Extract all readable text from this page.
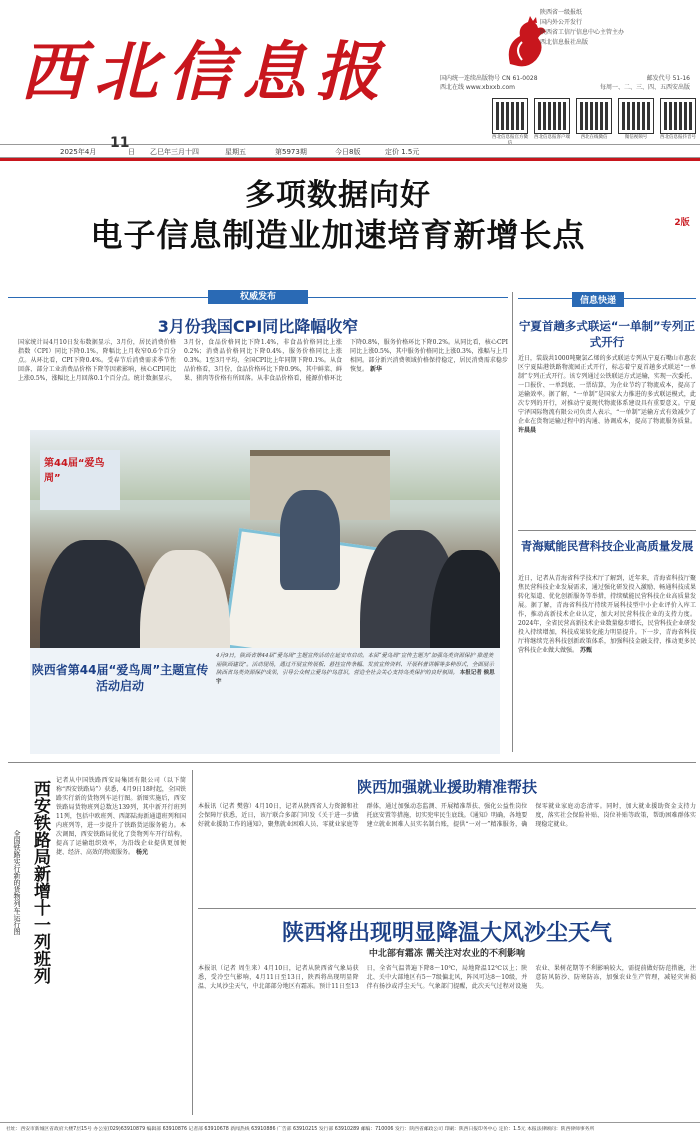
西北信息报
陕西省一级报纸
国内外公开发行
陕西省工信厅信息中心主管主办
西北信息报社出版
国内统一连续出版物号 CN 61-0028	邮发代号 51-16
西北在线 www.xbxxb.com	每周一、二、三、四、五西安出版
西北信息报官方微信
西北信息报客户端	西北在线微信	微信视频号	西北信息报抖音号
2025年4月
11
日 乙巳年三月十四	星期五	第5973期	今日8版	定价 1.5元
多项数据向好
电子信息制造业加速培育新增长点	2版
权威发布
3月份我国CPI同比降幅收窄
国家统计局4月10日发布数据显示，3月份，居民消费价格指数（CPI）同比下降0.1%，降幅比上月收窄0.6个百分点。从环比看，CPI下降0.4%。受春节后消费需求季节性回落、部分工业消费品价格下降等因素影响，核心CPI同比上涨0.5%，涨幅比上月回落0.1个百分点。统计数据显示，3月份，食品价格同比下降1.4%，非食品价格同比上涨0.2%；消费品价格同比下降0.4%，服务价格同比上涨0.3%。1至3月平均，全国CPI比上年同期下降0.1%。从食品价格看，3月份，食品价格环比下降0.9%，其中鲜菜、鲜果、猪肉等价格有所回落。从非食品价格看，能源价格环比下降0.8%，服务价格环比下降0.2%。从同比看，核心CPI同比上涨0.5%，其中服务价格同比上涨0.3%，涨幅与上月相同。部分新兴消费领域价格保持稳定，居民消费需求稳步恢复。 新华
第44届“爱鸟周”
陕西省第44届“爱鸟周”主题宣传活动启动
4月9日，陕西省第44届“爱鸟周”主题宣传活动在延安市启动。本届“爱鸟周”宣传主题为“加强鸟类资源保护 推进美丽陕西建设”。活动现场，通过开展宣传展板、悬挂宣传条幅、发放宣传资料、开展科普讲解等多种形式，全面展示陕西省鸟类资源保护成果，引导公众树立爱鸟护鸟意识，营造全社会关心支持鸟类保护的良好氛围。 本报记者 候思宇
信息快递
宁夏首趟多式联运“一单制”专列正式开行
近日，装载共1000吨聚氯乙烯的多式联运专列从宁夏石嘴山市惠农区宁夏陆港铁路物流园正式开行，标志着宁夏首趟多式联运“一单制”专列正式开行。该专列通过公铁联运方式运输，实现一次委托、一口报价、一单到底、一票结算，为企业节约了物流成本，提高了运输效率。据了解，“一单制”是国家大力推进的多式联运模式，此次专列的开行，对推动宁夏现代物流体系建设具有重要意义。宁夏宁泽国际物流有限公司负责人表示，“一单制”运输方式有效减少了企业在货物运输过程中的沟通、协调成本，提高了物流服务质量。 许晨晨
青海赋能民营科技企业高质量发展
近日，记者从青海省科学技术厅了解到，近年来，青海省科技厅聚焦民营科技企业发展需求，通过强化研发投入激励、畅通科技成果转化渠道、优化创新服务等举措，持续赋能民营科技企业高质量发展。据了解，青海省科技厅持续开展科技型中小企业评价入库工作，推动高新技术企业认定，加大对民营科技企业的支持力度。2024年，全省民营高新技术企业数量稳步增长，民营科技企业研发投入持续增加，科技成果转化能力明显提升。下一步，青海省科技厅将继续完善科技创新政策体系，加强科技金融支持，推动更多民营科技企业做大做强。 苏甄
西安铁路局新增十一列班列
全国铁路实行新的货物列车运行图
记者从中国铁路西安局集团有限公司（以下简称“西安铁路局”）获悉，4月9日18时起，全国铁路实行新的货物列车运行图。新图实施后，西安铁路局货物班列总数达139列，其中新开行班列11列，包括中欧班列、西部陆海新通道班列和国内班列等，进一步提升了铁路货运服务能力。本次调图，西安铁路局优化了货物列车开行结构，提高了运输组织效率，为沿线企业提供更加便捷、经济、高效的物流服务。 杨光
陕西加强就业援助精准帮扶
本报讯（记者 樊蓉）4月10日，记者从陕西省人力资源和社会保障厅获悉，近日，该厅联合多部门印发《关于进一步做好就业援助工作的通知》，聚焦就业困难人员、零就业家庭等群体，通过加强动态监测、开展精准帮扶、强化公益性岗位托底安置等措施，切实兜牢民生底线。《通知》明确，各地要建立就业困难人员实名制台账，提供“一对一”精准服务，确保零就业家庭动态清零。同时，加大就业援助资金支持力度，落实社会保险补贴、岗位补贴等政策，帮助困难群体实现稳定就业。
陕西将出现明显降温大风沙尘天气
中北部有霜冻 需关注对农业的不利影响
本报讯（记者 周生来）4月10日，记者从陕西省气象局获悉，受冷空气影响，4月11日至13日，陕西将出现明显降温、大风沙尘天气，中北部部分地区有霜冻。预计11日至13日，全省气温普遍下降8～10℃，局地降温12℃以上；陕北、关中大部地区有5～7级偏北风，阵风可达8～10级，并伴有扬沙或浮尘天气。气象部门提醒，此次天气过程对设施农业、果树花期等不利影响较大，需提前做好防范措施，注意防风防沙、防寒防冻，加强农业生产管理，减轻灾害损失。
社址：西安市新城区省政府大楼7层15号 办公室(029)63910879 编辑部 63910876 记者部 63910678 新闻热线 63910886 广告部 63910215 发行部 63910289 邮编：710006 发行：陕西省邮政公司 印刷：陕西日报印务中心 定价：1.5元 本报法律顾问：陕西律师事务所
